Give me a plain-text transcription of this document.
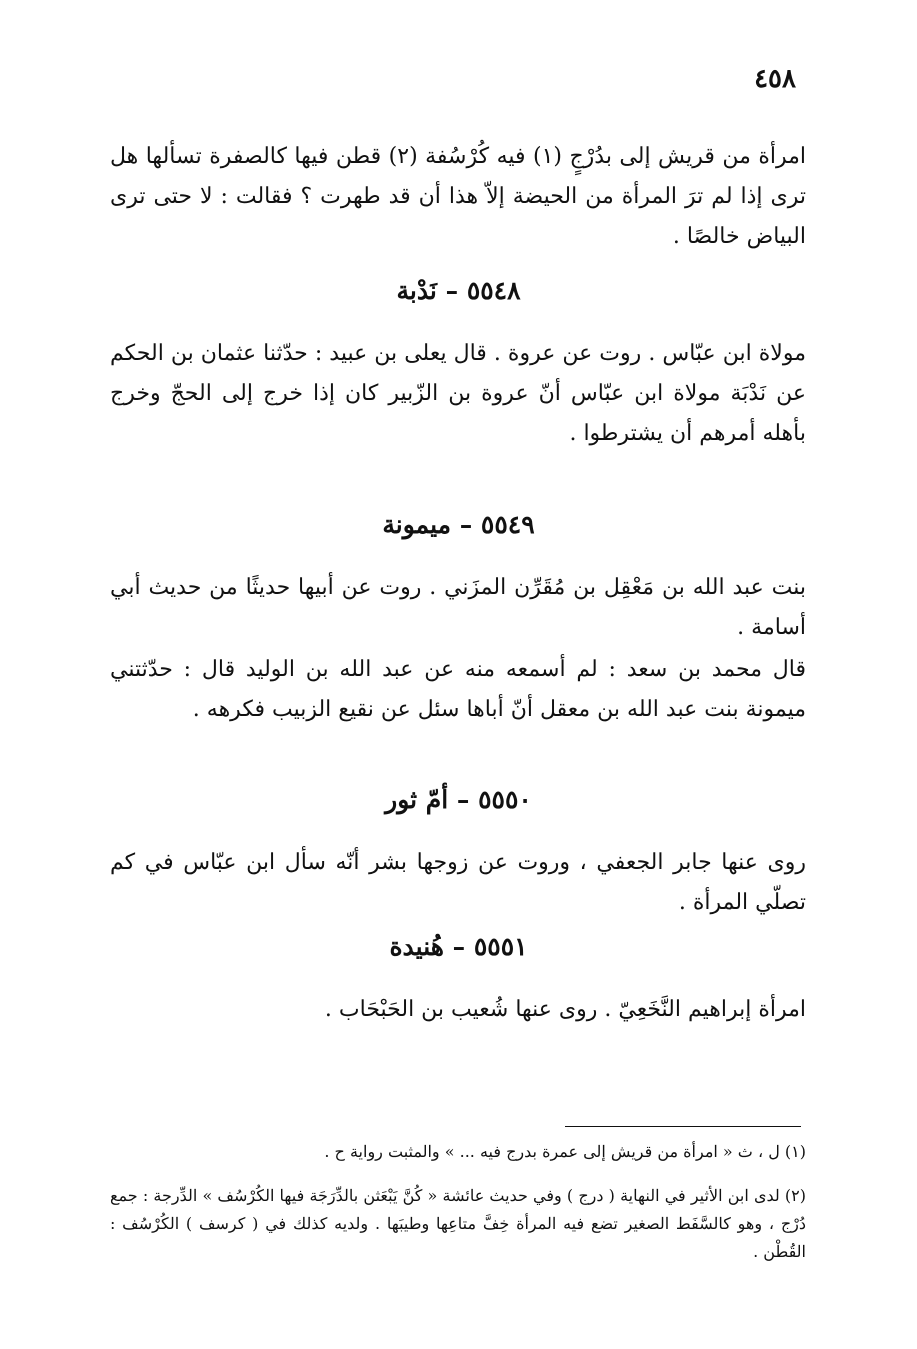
٤٥٨

امرأة من قريش إلى بدُرْجٍ (١) فيه كُرْسُفة (٢) قطن فيها كالصفرة تسألها هل ترى إذا لم ترَ المرأة من الحيضة إلاّ هذا أن قد طهرت ؟ فقالت : لا حتى ترى البياض خالصًا .

٥٥٤٨ – نَدْبة

مولاة ابن عبّاس . روت عن عروة . قال يعلى بن عبيد : حدّثنا عثمان بن الحكم عن نَدْبَة مولاة ابن عبّاس أنّ عروة بن الزّبير كان إذا خرج إلى الحجّ وخرج بأهله أمرهم أن يشترطوا .

٥٥٤٩ – ميمونة

بنت عبد الله بن مَعْقِل بن مُقَرِّن المزَني . روت عن أبيها حديثًا من حديث أبي أسامة .

قال محمد بن سعد : لم أسمعه منه عن عبد الله بن الوليد قال : حدّثتني ميمونة بنت عبد الله بن معقل أنّ أباها سئل عن نقيع الزبيب فكرهه .

٥٥٥٠ – أمّ ثور

روى عنها جابر الجعفي ، وروت عن زوجها بشر أنّه سأل ابن عبّاس في كم تصلّي المرأة .

٥٥٥١ – هُنيدة

امرأة إبراهيم النَّخَعِيّ . روى عنها شُعيب بن الحَبْحَاب .

(١) ل ، ث « امرأة من قريش إلى عمرة بدرج فيه ... » والمثبت رواية ح .

(٢) لدى ابن الأثير في النهاية ( درج ) وفي حديث عائشة « كُنَّ يَبْعَثن بالدِّرَجَة فيها الكُرْسُف » الدِّرجة : جمع دُرْج ، وهو كالسَّفَط الصغير تضع فيه المرأة خِفَّ متاعِها وطيبَها . ولديه كذلك في ( كرسف ) الكُرْسُف : القُطْن .
